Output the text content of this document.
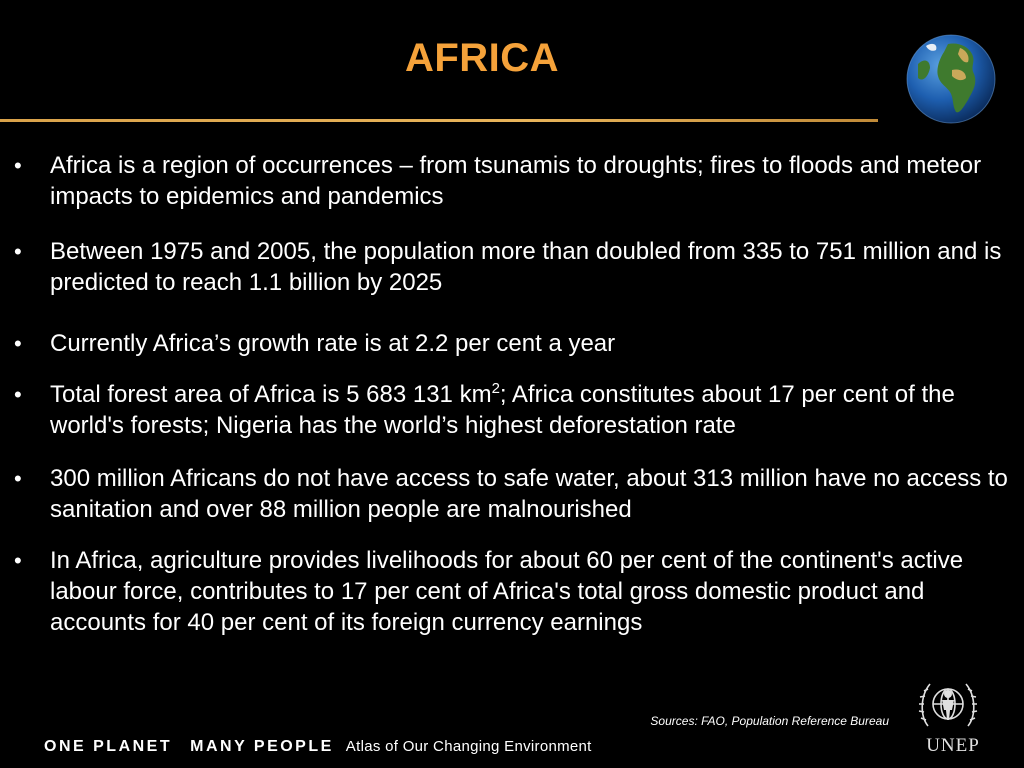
AFRICA
• Africa is a region of occurrences – from tsunamis to droughts; fires to floods and meteor impacts to epidemics and pandemics
• Between 1975 and 2005, the population more than doubled from 335 to 751 million and is predicted to reach 1.1 billion by 2025
• Currently Africa’s growth rate is at 2.2 per cent a year
• Total forest area of Africa is 5 683 131 $km^2$; Africa constitutes about 17 per cent of the world's forests; Nigeria has the world’s highest deforestation rate
• 300 million Africans do not have access to safe water, about 313 million have no access to sanitation and over 88 million people are malnourished
• In Africa, agriculture provides livelihoods for about 60 per cent of the continent's active labour force, contributes to 17 per cent of Africa's total gross domestic product and accounts for 40 per cent of its foreign currency earnings
Sources: FAO, Population Reference Bureau
ONE PLANET MANY PEOPLE Atlas of Our Changing Environment	UNEP
